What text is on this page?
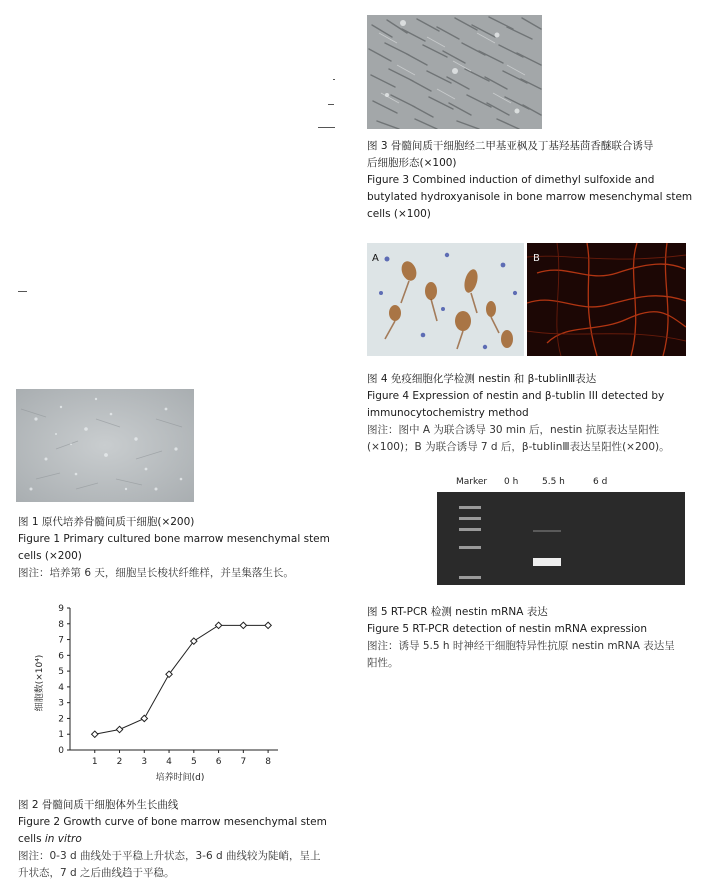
图 1 原代培养骨髓间质干细胞(×200)
Figure 1 Primary cultured bone marrow mesenchymal stem
cells (×200)
图注：培养第 6 天，细胞呈长梭状纤维样，并呈集落生长。
0
1
2
3
4
5
6
7
8
9
1 2 3 4 5 6 7 8
细胞数(×10⁴)
培养时间(d)
图 2 骨髓间质干细胞体外生长曲线
Figure 2 Growth curve of bone marrow mesenchymal stem
cells in vitro
图注：0-3 d 曲线处于平稳上升状态，3-6 d 曲线较为陡峭，呈上
升状态，7 d 之后曲线趋于平稳。
图 3 骨髓间质干细胞经二甲基亚枫及丁基羟基茴香醚联合诱导
后细胞形态(×100)
Figure 3 Combined induction of dimethyl sulfoxide and
butylated hydroxyanisole in bone marrow mesenchymal stem
cells (×100)
A	B
图 4 免疫细胞化学检测 nestin 和 β-tublinⅢ表达
Figure 4 Expression of nestin and β-tublin III detected by
immunocytochemistry method
图注：图中 A 为联合诱导 30 min 后，nestin 抗原表达呈阳性
(×100)；B 为联合诱导 7 d 后，β-tublinⅢ表达呈阳性(×200)。
Marker 0 h	5.5 h	6 d
图 5 RT-PCR 检测 nestin mRNA 表达
Figure 5 RT-PCR detection of nestin mRNA expression
图注：诱导 5.5 h 时神经干细胞特异性抗原 nestin mRNA 表达呈
阳性。
